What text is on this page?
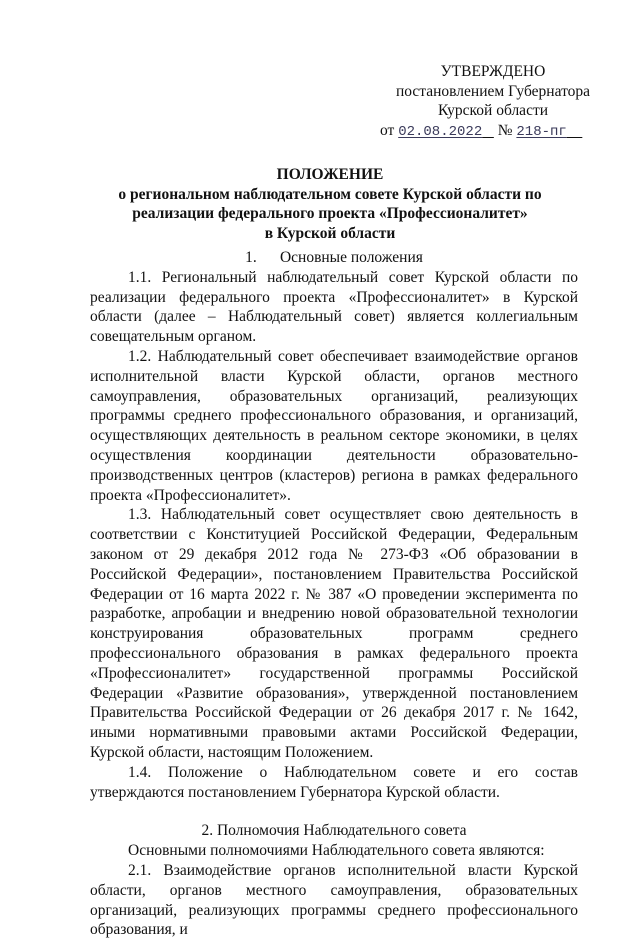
УТВЕРЖДЕНО
постановлением Губернатора
Курской области
от 02.08.2022 № 218-пг
ПОЛОЖЕНИЕ
о региональном наблюдательном совете Курской области по
реализации федерального проекта «Профессионалитет»
в Курской области
1.      Основные положения

1.1. Региональный наблюдательный совет Курской области по реализации федерального проекта «Профессионалитет» в Курской области (далее – Наблюдательный совет) является коллегиальным совещательным органом.

1.2. Наблюдательный совет обеспечивает взаимодействие органов исполнительной власти Курской области, органов местного самоуправления, образовательных организаций, реализующих программы среднего профессионального образования, и организаций, осуществляющих деятельность в реальном секторе экономики, в целях осуществления координации деятельности образовательно-производственных центров (кластеров) региона в рамках федерального проекта «Профессионалитет».

1.3. Наблюдательный совет осуществляет свою деятельность в соответствии с Конституцией Российской Федерации, Федеральным законом от 29 декабря 2012 года № 273-ФЗ «Об образовании в Российской Федерации», постановлением Правительства Российской Федерации от 16 марта 2022 г. № 387 «О проведении эксперимента по разработке, апробации и внедрению новой образовательной технологии конструирования образовательных программ среднего профессионального образования в рамках федерального проекта «Профессионалитет» государственной программы Российской Федерации «Развитие образования», утвержденной постановлением Правительства Российской Федерации от 26 декабря 2017 г. № 1642, иными нормативными правовыми актами Российской Федерации, Курской области, настоящим Положением.

1.4. Положение о Наблюдательном совете и его состав утверждаются постановлением Губернатора Курской области.

2. Полномочия Наблюдательного совета

Основными полномочиями Наблюдательного совета являются:

2.1. Взаимодействие органов исполнительной власти Курской области, органов местного самоуправления, образовательных организаций, реализующих программы среднего профессионального образования, и
